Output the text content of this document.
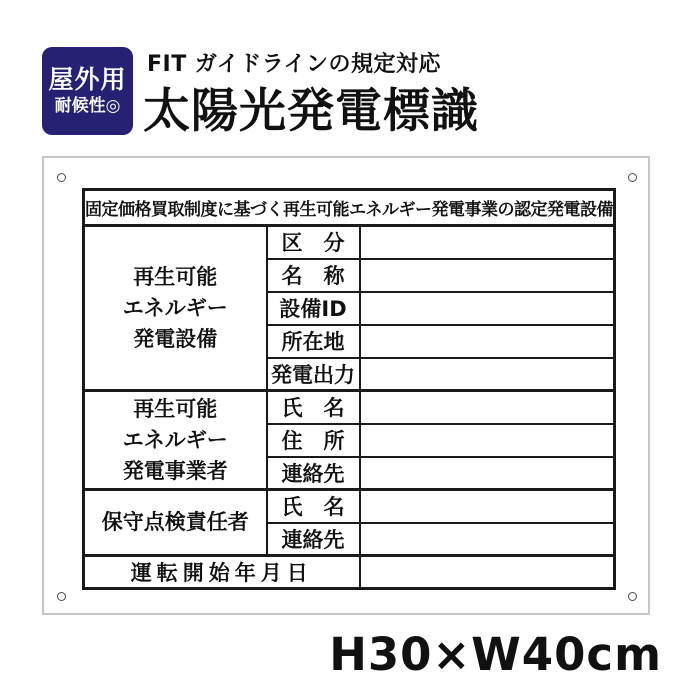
屋外用
耐候性◎
FIT ガイドラインの規定対応
太陽光発電標識
固定価格買取制度に基づく再生可能エネルギー発電事業の認定発電設備		

再生可能
エネルギー
発電設備	区　分	
	名　称	
	設備ID	
	所在地	
	発電出力	

再生可能
エネルギー
発電事業者	氏　名	
	住　所	
	連絡先	

保守点検責任者	氏　名	
	連絡先	
運転開始年月日		
H30×W40cm
